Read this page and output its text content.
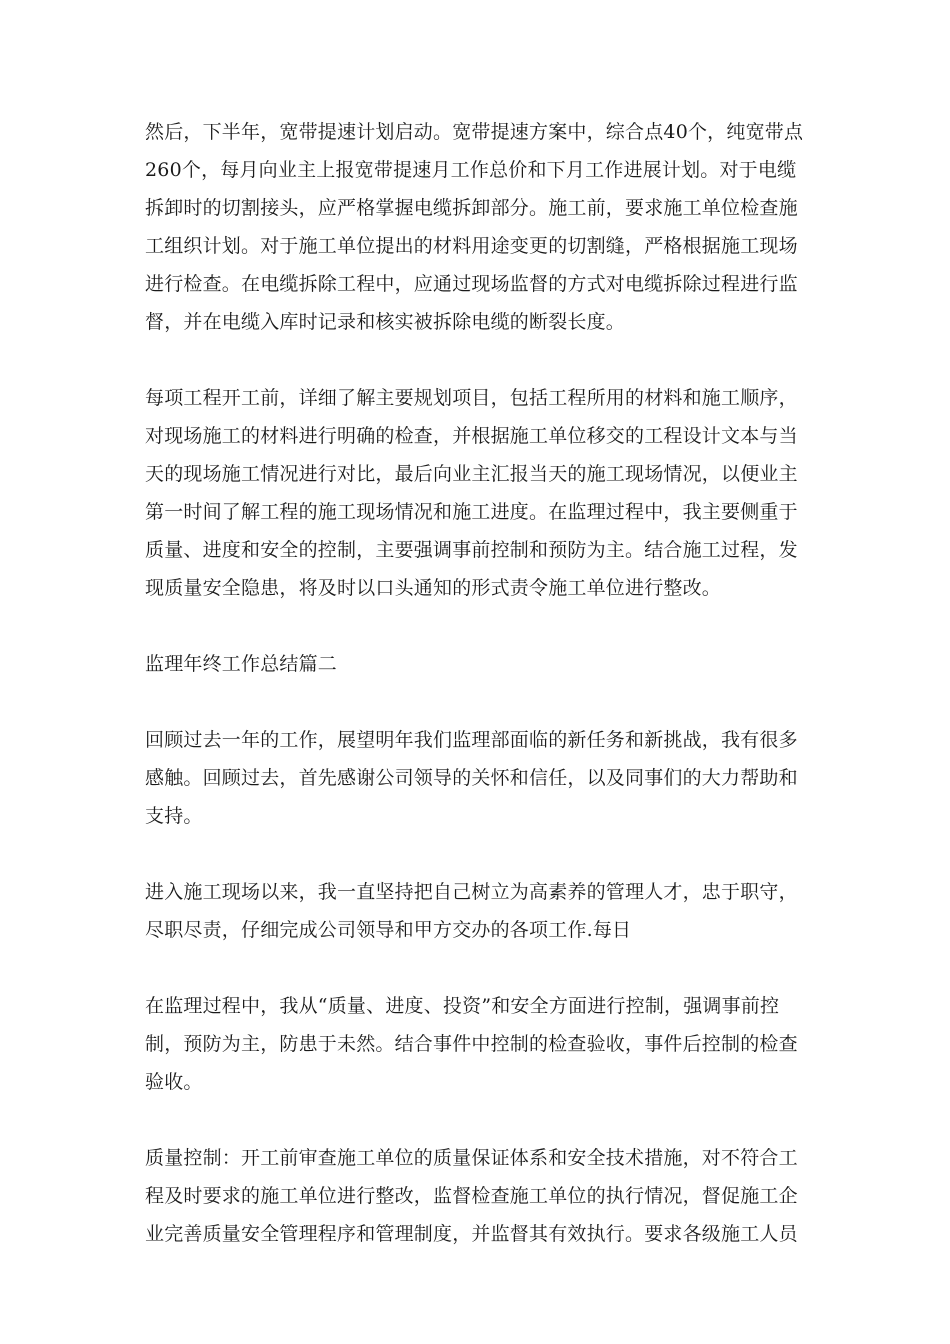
然后，下半年，宽带提速计划启动。宽带提速方案中，综合点40个，纯宽带点
260个，每月向业主上报宽带提速月工作总价和下月工作进展计划。对于电缆
拆卸时的切割接头，应严格掌握电缆拆卸部分。施工前，要求施工单位检查施
工组织计划。对于施工单位提出的材料用途变更的切割缝，严格根据施工现场
进行检查。在电缆拆除工程中，应通过现场监督的方式对电缆拆除过程进行监
督，并在电缆入库时记录和核实被拆除电缆的断裂长度。

每项工程开工前，详细了解主要规划项目，包括工程所用的材料和施工顺序，
对现场施工的材料进行明确的检查，并根据施工单位移交的工程设计文本与当
天的现场施工情况进行对比，最后向业主汇报当天的施工现场情况，以便业主
第一时间了解工程的施工现场情况和施工进度。在监理过程中，我主要侧重于
质量、进度和安全的控制，主要强调事前控制和预防为主。结合施工过程，发
现质量安全隐患，将及时以口头通知的形式责令施工单位进行整改。

监理年终工作总结篇二

回顾过去一年的工作，展望明年我们监理部面临的新任务和新挑战，我有很多
感触。回顾过去，首先感谢公司领导的关怀和信任，以及同事们的大力帮助和
支持。

进入施工现场以来，我一直坚持把自己树立为高素养的管理人才，忠于职守，
尽职尽责，仔细完成公司领导和甲方交办的各项工作.每日

在监理过程中，我从“质量、进度、投资”和安全方面进行控制，强调事前控
制，预防为主，防患于未然。结合事件中控制的检查验收，事件后控制的检查
验收。

质量控制：开工前审查施工单位的质量保证体系和安全技术措施，对不符合工
程及时要求的施工单位进行整改，监督检查施工单位的执行情况，督促施工企
业完善质量安全管理程序和管理制度，并监督其有效执行。要求各级施工人员
